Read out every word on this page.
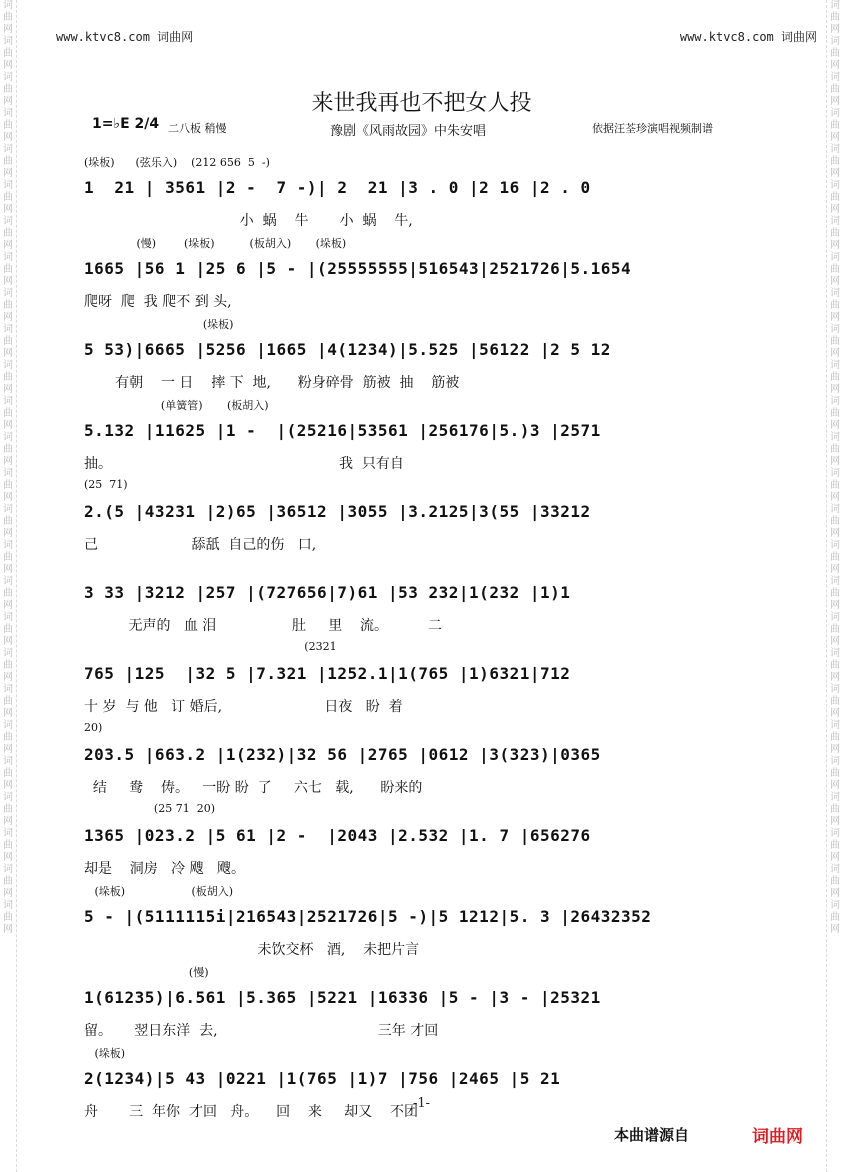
词曲网词曲网词曲网词曲网词曲网词曲网词曲网词曲网词曲网词曲网词曲网词曲网词曲网词曲网词曲网词曲网词曲网词曲网词曲网词曲网词曲网词曲网词曲网词曲网词曲网词曲网
词曲网词曲网词曲网词曲网词曲网词曲网词曲网词曲网词曲网词曲网词曲网词曲网词曲网词曲网词曲网词曲网词曲网词曲网词曲网词曲网词曲网词曲网词曲网词曲网词曲网词曲网
www.ktvc8.com 词曲网	www.ktvc8.com 词曲网
来世我再也不把女人投
1=♭E 2/4 二八板 稍慢	豫剧《风雨故园》中朱安唱	依据汪荃珍演唱视频制谱
(垛板)      (弦乐入)    (212 656  5  -)
1  21 | 3561 |2 -  7 -)| 2  21 |3 . 0 |2 16 |2 . 0
小  蜗    牛       小  蜗    牛,
(慢)        (垛板)          (板胡入)       (垛板)
1665 |56 1 |25 6 |5 - |(25555555|516543|2521726|5.1654
爬呀  爬  我 爬不 到 头,
(垛板)
5 53)|6665 |5256 |1665 |4(1234)|5.525 |56122 |2 5 12
有朝    一 日    摔 下  地,      粉身碎骨  筋被  抽    筋被
(单簧管)       (板胡入)
5.132 |11625 |1 -  |(25216|53561 |256176|5.)3 |2571
抽。                                                   我  只有自
(25  71)
2.(5 |43231 |2)65 |36512 |3055 |3.2125|3(55 |33212
己                     舔舐  自己的伤   口,
3 33 |3212 |257 |(727656|7)61 |53 232|1(232 |1)1
无声的   血 泪                 肚     里    流。         二
(2321
765 |125  |32 5 |7.321 |1252.1|1(765 |1)6321|712
十 岁  与 他   订 婚后,                       日夜   盼  着
20)
203.5 |663.2 |1(232)|32 56 |2765 |0612 |3(323)|0365
结     鸯    俦。   一盼 盼  了     六七   载,      盼来的
(25 71  20)
1365 |023.2 |5 61 |2 -  |2043 |2.532 |1. 7 |656276
却是    洞房   冷 飕   飕。
(垛板)                   (板胡入)
5 - |(5111115i|216543|2521726|5 -)|5 1212|5. 3 |26432352
未饮交杯   酒,    未把片言
(慢)
1(61235)|6.561 |5.365 |5221 |16336 |5 - |3 - |25321
留。     翌日东洋  去,                                    三年 才回
(垛板)
2(1234)|5 43 |0221 |1(765 |1)7 |756 |2465 |5 21
舟       三  年你  才回   舟。    回    来     却又    不团
-1-
本曲谱源自	词曲网
